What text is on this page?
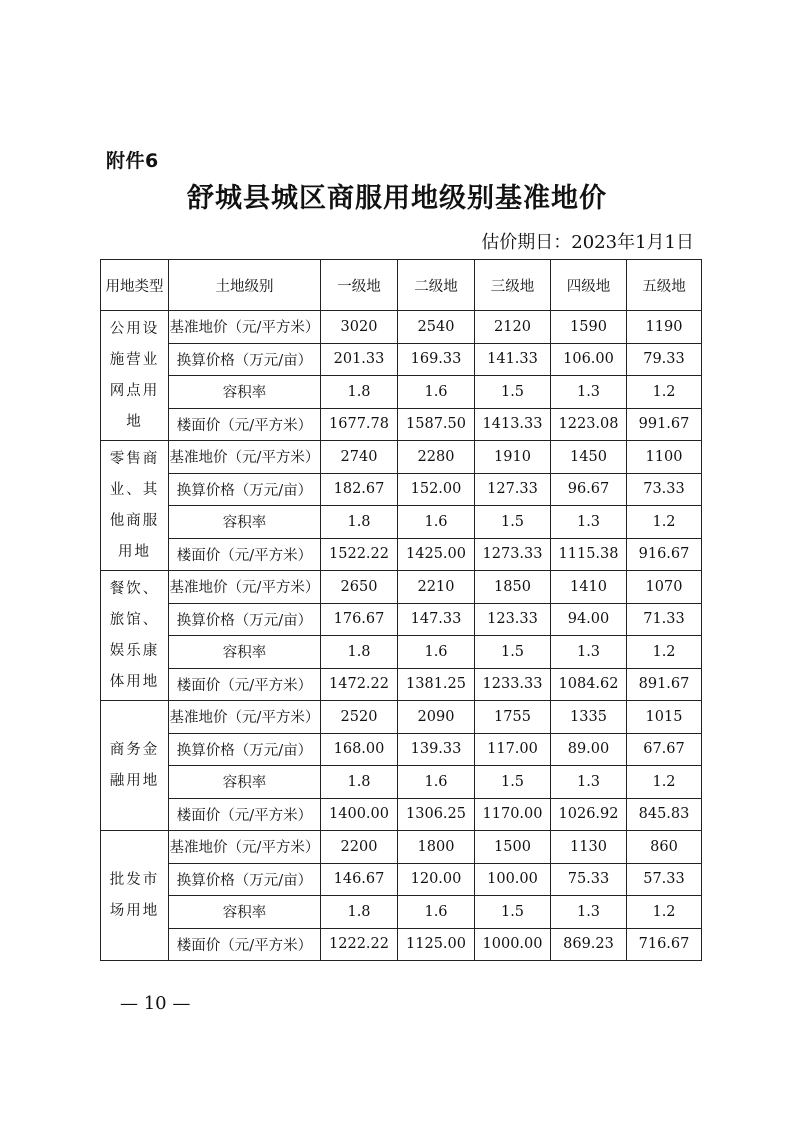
附件6
舒城县城区商服用地级别基准地价
估价期日：2023年1月1日
用地类型	土地级别	一级地	二级地	三级地	四级地	五级地
公用设施营业网点用地	基准地价（元/平方米）	3020	2540	2120	1590	1190
	换算价格（万元/亩）	201.33	169.33	141.33	106.00	79.33
	容积率	1.8	1.6	1.5	1.3	1.2
	楼面价（元/平方米）	1677.78	1587.50	1413.33	1223.08	991.67
零售商业、其他商服用地	基准地价（元/平方米）	2740	2280	1910	1450	1100
	换算价格（万元/亩）	182.67	152.00	127.33	96.67	73.33
	容积率	1.8	1.6	1.5	1.3	1.2
	楼面价（元/平方米）	1522.22	1425.00	1273.33	1115.38	916.67
餐饮、旅馆、娱乐康体用地	基准地价（元/平方米）	2650	2210	1850	1410	1070
	换算价格（万元/亩）	176.67	147.33	123.33	94.00	71.33
	容积率	1.8	1.6	1.5	1.3	1.2
	楼面价（元/平方米）	1472.22	1381.25	1233.33	1084.62	891.67
商务金融用地	基准地价（元/平方米）	2520	2090	1755	1335	1015
	换算价格（万元/亩）	168.00	139.33	117.00	89.00	67.67
	容积率	1.8	1.6	1.5	1.3	1.2
	楼面价（元/平方米）	1400.00	1306.25	1170.00	1026.92	845.83
批发市场用地	基准地价（元/平方米）	2200	1800	1500	1130	860
	换算价格（万元/亩）	146.67	120.00	100.00	75.33	57.33
	容积率	1.8	1.6	1.5	1.3	1.2
	楼面价（元/平方米）	1222.22	1125.00	1000.00	869.23	716.67
— 10 —
